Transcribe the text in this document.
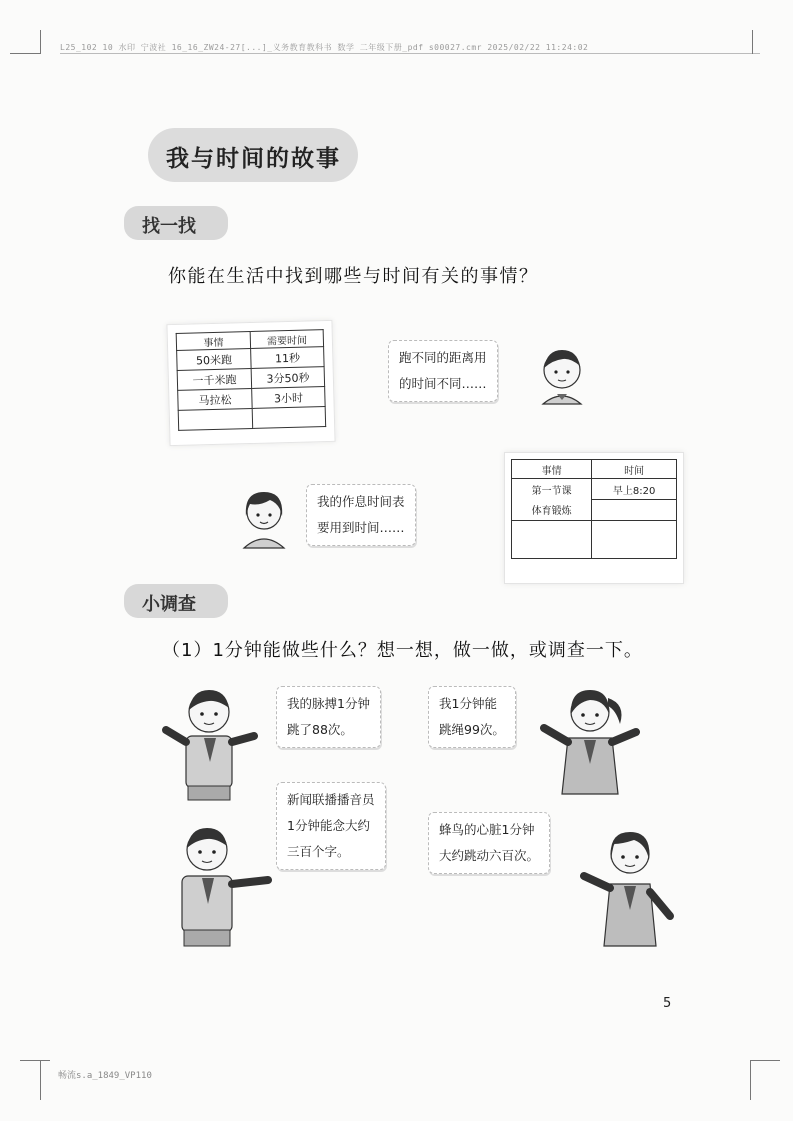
L25_102 10 水印 宁波社 16_16_ZW24-27[...]_义务教育教科书 数学 二年级下册_pdf s00027.cmr 2025/02/22 11:24:02
畅流s.a_1849_VP110
我与时间的故事
找一找
你能在生活中找到哪些与时间有关的事情？
事情	需要时间
50米跑	11秒
一千米跑	3分50秒
马拉松	3小时

跑不同的距离用
的时间不同……
我的作息时间表
要用到时间……
事情	时间
第一节课	早上8:20
体育锻炼	

小调查
（1）1分钟能做些什么？想一想，做一做，或调查一下。
我的脉搏1分钟
跳了88次。
我1分钟能
跳绳99次。
新闻联播播音员
1分钟能念大约
三百个字。
蜂鸟的心脏1分钟
大约跳动六百次。
5
